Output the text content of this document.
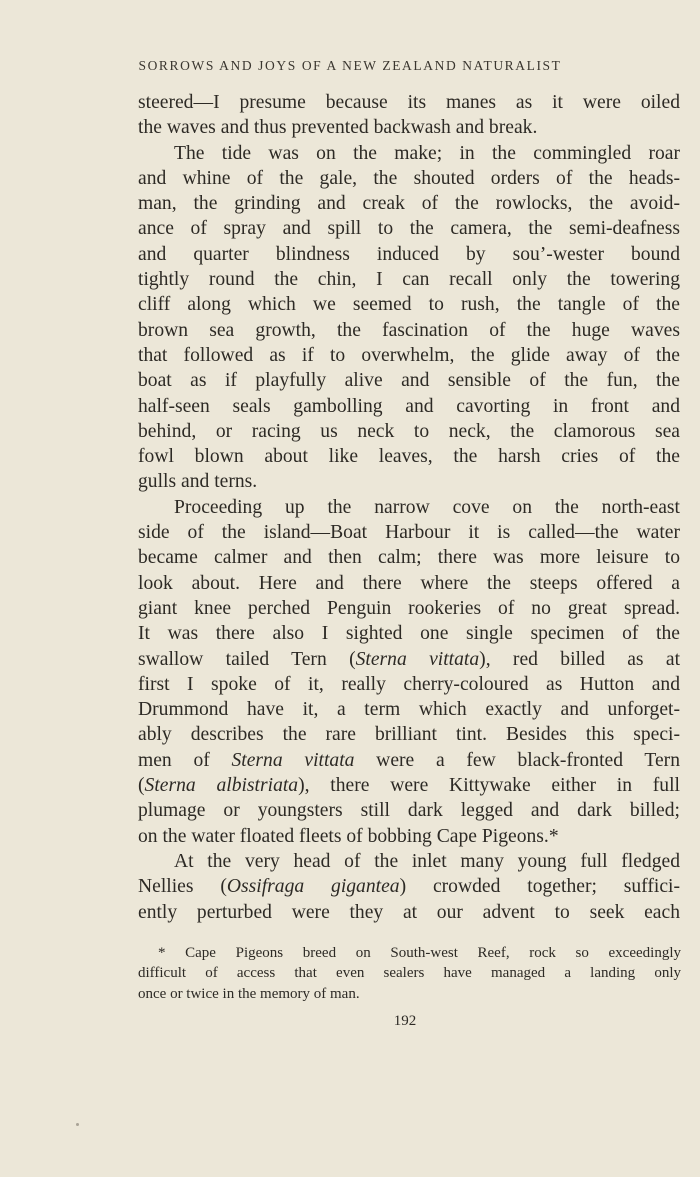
SORROWS AND JOYS OF A NEW ZEALAND NATURALIST
steered—I presume because its manes as it were oiled
the waves and thus prevented backwash and break.
The tide was on the make; in the commingled roar
and whine of the gale, the shouted orders of the heads-
man, the grinding and creak of the rowlocks, the avoid-
ance of spray and spill to the camera, the semi-deafness
and quarter blindness induced by sou’-wester bound
tightly round the chin, I can recall only the towering
cliff along which we seemed to rush, the tangle of the
brown sea growth, the fascination of the huge waves
that followed as if to overwhelm, the glide away of the
boat as if playfully alive and sensible of the fun, the
half-seen seals gambolling and cavorting in front and
behind, or racing us neck to neck, the clamorous sea
fowl blown about like leaves, the harsh cries of the
gulls and terns.
Proceeding up the narrow cove on the north-east
side of the island—Boat Harbour it is called—the water
became calmer and then calm; there was more leisure to
look about. Here and there where the steeps offered a
giant knee perched Penguin rookeries of no great spread.
It was there also I sighted one single specimen of the
swallow tailed Tern (Sterna vittata), red billed as at
first I spoke of it, really cherry-coloured as Hutton and
Drummond have it, a term which exactly and unforget-
ably describes the rare brilliant tint. Besides this speci-
men of Sterna vittata were a few black-fronted Tern
(Sterna albistriata), there were Kittywake either in full
plumage or youngsters still dark legged and dark billed;
on the water floated fleets of bobbing Cape Pigeons.*
At the very head of the inlet many young full fledged
Nellies (Ossifraga gigantea) crowded together; suffici-
ently perturbed were they at our advent to seek each
* Cape Pigeons breed on South-west Reef, rock so exceedingly
difficult of access that even sealers have managed a landing only
once or twice in the memory of man.
192
